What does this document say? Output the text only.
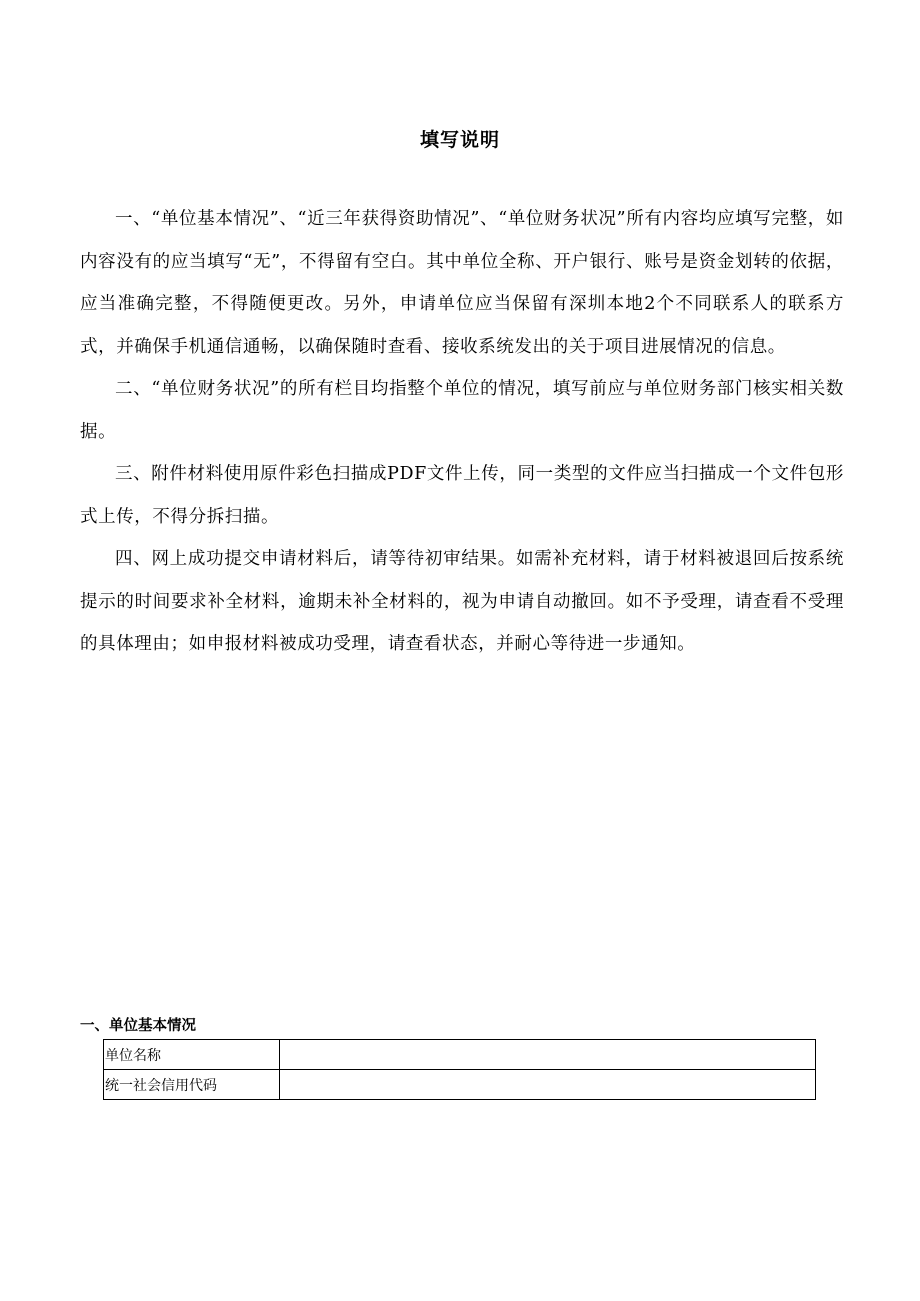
填写说明

一、“单位基本情况”、“近三年获得资助情况”、“单位财务状况”所有内容均应填写完整，如内容没有的应当填写“无”，不得留有空白。其中单位全称、开户银行、账号是资金划转的依据，应当准确完整，不得随便更改。另外，申请单位应当保留有深圳本地2个不同联系人的联系方式，并确保手机通信通畅，以确保随时查看、接收系统发出的关于项目进展情况的信息。

二、“单位财务状况”的所有栏目均指整个单位的情况，填写前应与单位财务部门核实相关数据。

三、附件材料使用原件彩色扫描成PDF文件上传，同一类型的文件应当扫描成一个文件包形式上传，不得分拆扫描。

四、网上成功提交申请材料后，请等待初审结果。如需补充材料，请于材料被退回后按系统提示的时间要求补全材料，逾期未补全材料的，视为申请自动撤回。如不予受理，请查看不受理的具体理由；如申报材料被成功受理，请查看状态，并耐心等待进一步通知。

一、单位基本情况
单位名称	
统一社会信用代码	
